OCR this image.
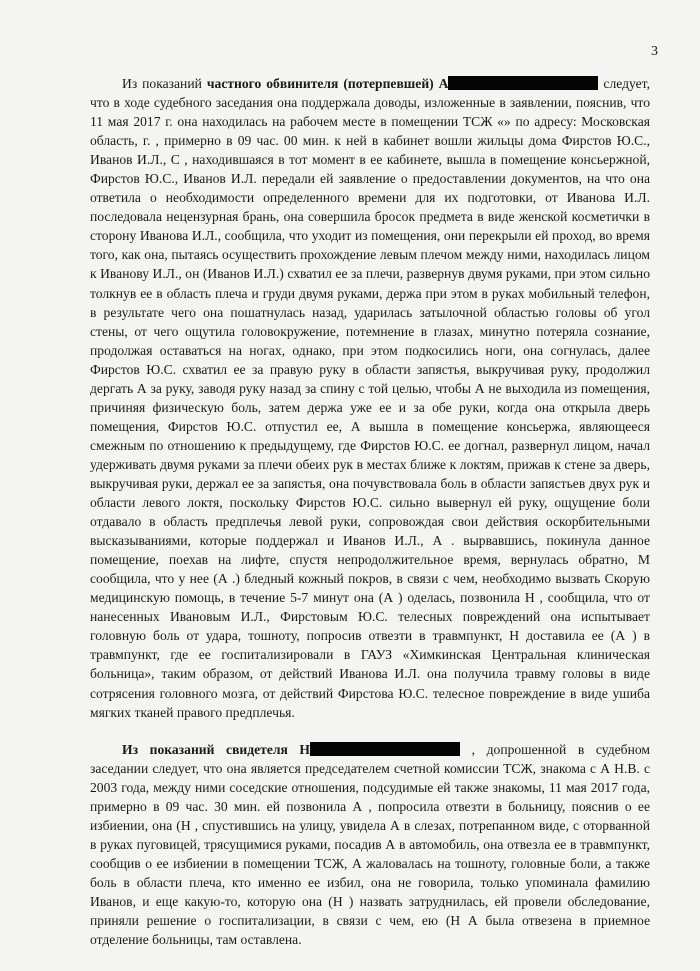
3

Из показаний частного обвинителя (потерпевшей) А	следует, что в ходе судебного заседания она поддержала доводы, изложенные в заявлении, пояснив, что 11 мая 2017 г. она находилась на рабочем месте в помещении ТСЖ «» по адресу: Московская область, г. , примерно в 09 час. 00 мин. к ней в кабинет вошли жильцы дома Фирстов Ю.С., Иванов И.Л., С , находившаяся в тот момент в ее кабинете, вышла в помещение консьержной, Фирстов Ю.С., Иванов И.Л. передали ей заявление о предоставлении документов, на что она ответила о необходимости определенного времени для их подготовки, от Иванова И.Л. последовала нецензурная брань, она совершила бросок предмета в виде женской косметички в сторону Иванова И.Л., сообщила, что уходит из помещения, они перекрыли ей проход, во время того, как она, пытаясь осуществить прохождение левым плечом между ними, находилась лицом к Иванову И.Л., он (Иванов И.Л.) схватил ее за плечи, развернув двумя руками, при этом сильно толкнув ее в область плеча и груди двумя руками, держа при этом в руках мобильный телефон, в результате чего она пошатнулась назад, ударилась затылочной областью головы об угол стены, от чего ощутила головокружение, потемнение в глазах, минутно потеряла сознание, продолжая оставаться на ногах, однако, при этом подкосились ноги, она согнулась, далее Фирстов Ю.С. схватил ее за правую руку в области запястья, выкручивая руку, продолжил дергать А за руку, заводя руку назад за спину с той целью, чтобы А не выходила из помещения, причиняя физическую боль, затем держа уже ее и за обе руки, когда она открыла дверь помещения, Фирстов Ю.С. отпустил ее, А вышла в помещение консьержа, являющееся смежным по отношению к предыдущему, где Фирстов Ю.С. ее догнал, развернул лицом, начал удерживать двумя руками за плечи обеих рук в местах ближе к локтям, прижав к стене за дверь, выкручивая руки, держал ее за запястья, она почувствовала боль в области запястьев двух рук и области левого локтя, поскольку Фирстов Ю.С. сильно вывернул ей руку, ощущение боли отдавало в область предплечья левой руки, сопровождая свои действия оскорбительными высказываниями, которые поддержал и Иванов И.Л., А . вырвавшись, покинула данное помещение, поехав на лифте, спустя непродолжительное время, вернулась обратно, М сообщила, что у нее (А .) бледный кожный покров, в связи с чем, необходимо вызвать Скорую медицинскую помощь, в течение 5-7 минут она (А ) оделась, позвонила Н , сообщила, что от нанесенных Ивановым И.Л., Фирстовым Ю.С. телесных повреждений она испытывает головную боль от удара, тошноту, попросив отвезти в травмпункт, Н доставила ее (А ) в травмпункт, где ее госпитализировали в ГАУЗ «Химкинская Центральная клиническая больница», таким образом, от действий Иванова И.Л. она получила травму головы в виде сотрясения головного мозга, от действий Фирстова Ю.С. телесное повреждение в виде ушиба мягких тканей правого предплечья.

Из показаний свидетеля Н	, допрошенной в судебном заседании следует, что она является председателем счетной комиссии ТСЖ, знакома с А Н.В. с 2003 года, между ними соседские отношения, подсудимые ей также знакомы, 11 мая 2017 года, примерно в 09 час. 30 мин. ей позвонила А , попросила отвезти в больницу, пояснив о ее избиении, она (Н , спустившись на улицу, увидела А в слезах, потрепанном виде, с оторванной в руках пуговицей, трясущимися руками, посадив А в автомобиль, она отвезла ее в травмпункт, сообщив о ее избиении в помещении ТСЖ, А жаловалась на тошноту, головные боли, а также боль в области плеча, кто именно ее избил, она не говорила, только упоминала фамилию Иванов, и еще какую-то, которую она (Н ) назвать затруднилась, ей провели обследование, приняли решение о госпитализации, в связи с чем, ею (Н А была отвезена в приемное отделение больницы, там оставлена.
